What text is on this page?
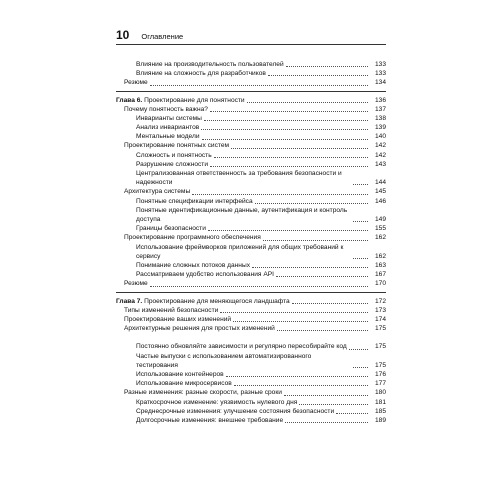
10 Оглавление
Влияние на производительность пользователей	133
Влияние на сложность для разработчиков	133
Резюме	134
Глава 6. Проектирование для понятности	136
Почему понятность важна?	137
Инварианты системы	138
Анализ инвариантов	139
Ментальные модели	140
Проектирование понятных систем	142
Сложность и понятность	142
Разрушение сложности	143
Централизованная ответственность за требования безопасности и надежности	144
Архитектура системы	145
Понятные спецификации интерфейса	146
Понятные идентификационные данные, аутентификация и контроль доступа	149
Границы безопасности	155
Проектирование программного обеспечения	162
Использование фреймворков приложений для общих требований к сервису	162
Понимание сложных потоков данных	163
Рассматриваем удобство использования API	167
Резюме	170
Глава 7. Проектирование для меняющегося ландшафта	172
Типы изменений безопасности	173
Проектирование ваших изменений	174
Архитектурные решения для простых изменений	175
Постоянно обновляйте зависимости и регулярно пересобирайте код	175
Частые выпуски с использованием автоматизированного тестирования	175
Использование контейнеров	176
Использование микросервисов	177
Разные изменения: разные скорости, разные сроки	180
Краткосрочное изменение: уязвимость нулевого дня	181
Среднесрочные изменения: улучшение состояния безопасности	185
Долгосрочные изменения: внешнее требование	189
